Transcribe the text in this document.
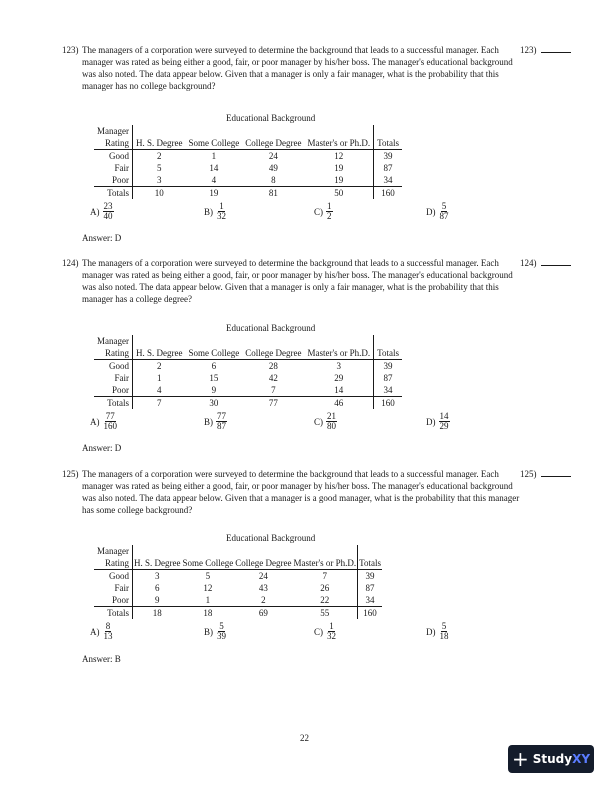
123) The managers of a corporation were surveyed to determine the background that leads to a successful manager. Each manager was rated as being either a good, fair, or poor manager by his/her boss. The manager's educational background was also noted. The data appear below. Given that a manager is only a fair manager, what is the probability that this manager has no college background?
123)
Educational Background
Manager					
Rating	H. S. Degree	Some College	College Degree	Master's or Ph.D.	Totals
Good	2	1	24	12	39
Fair	5	14	49	19	87
Poor	3	4	8	19	34
Totals	10	19	81	50	160
$A) \frac{23}{40}$	$B) \frac{1}{32}$	$C) \frac{1}{2}$	$D) \frac{5}{87}$
Answer: D
124) The managers of a corporation were surveyed to determine the background that leads to a successful manager. Each manager was rated as being either a good, fair, or poor manager by his/her boss. The manager's educational background was also noted. The data appear below. Given that a manager is only a fair manager, what is the probability that this manager has a college degree?
124)
Educational Background
Manager					
Rating	H. S. Degree	Some College	College Degree	Master's or Ph.D.	Totals
Good	2	6	28	3	39
Fair	1	15	42	29	87
Poor	4	9	7	14	34
Totals	7	30	77	46	160
$A) \frac{77}{160}$	$B) \frac{77}{87}$	$C) \frac{21}{80}$	$D) \frac{14}{29}$
Answer: D
125) The managers of a corporation were surveyed to determine the background that leads to a successful manager. Each manager was rated as being either a good, fair, or poor manager by his/her boss. The manager's educational background was also noted. The data appear below. Given that a manager is a good manager, what is the probability that this manager has some college background?
125)
Educational Background
Manager					
Rating	H. S. Degree	Some College	College Degree	Master's or Ph.D.	Totals
Good	3	5	24	7	39
Fair	6	12	43	26	87
Poor	9	1	2	22	34
Totals	18	18	69	55	160
$A) \frac{8}{13}$	$B) \frac{5}{39}$	$C) \frac{1}{32}$	$D) \frac{5}{18}$
Answer: B
22
+ Study XY
